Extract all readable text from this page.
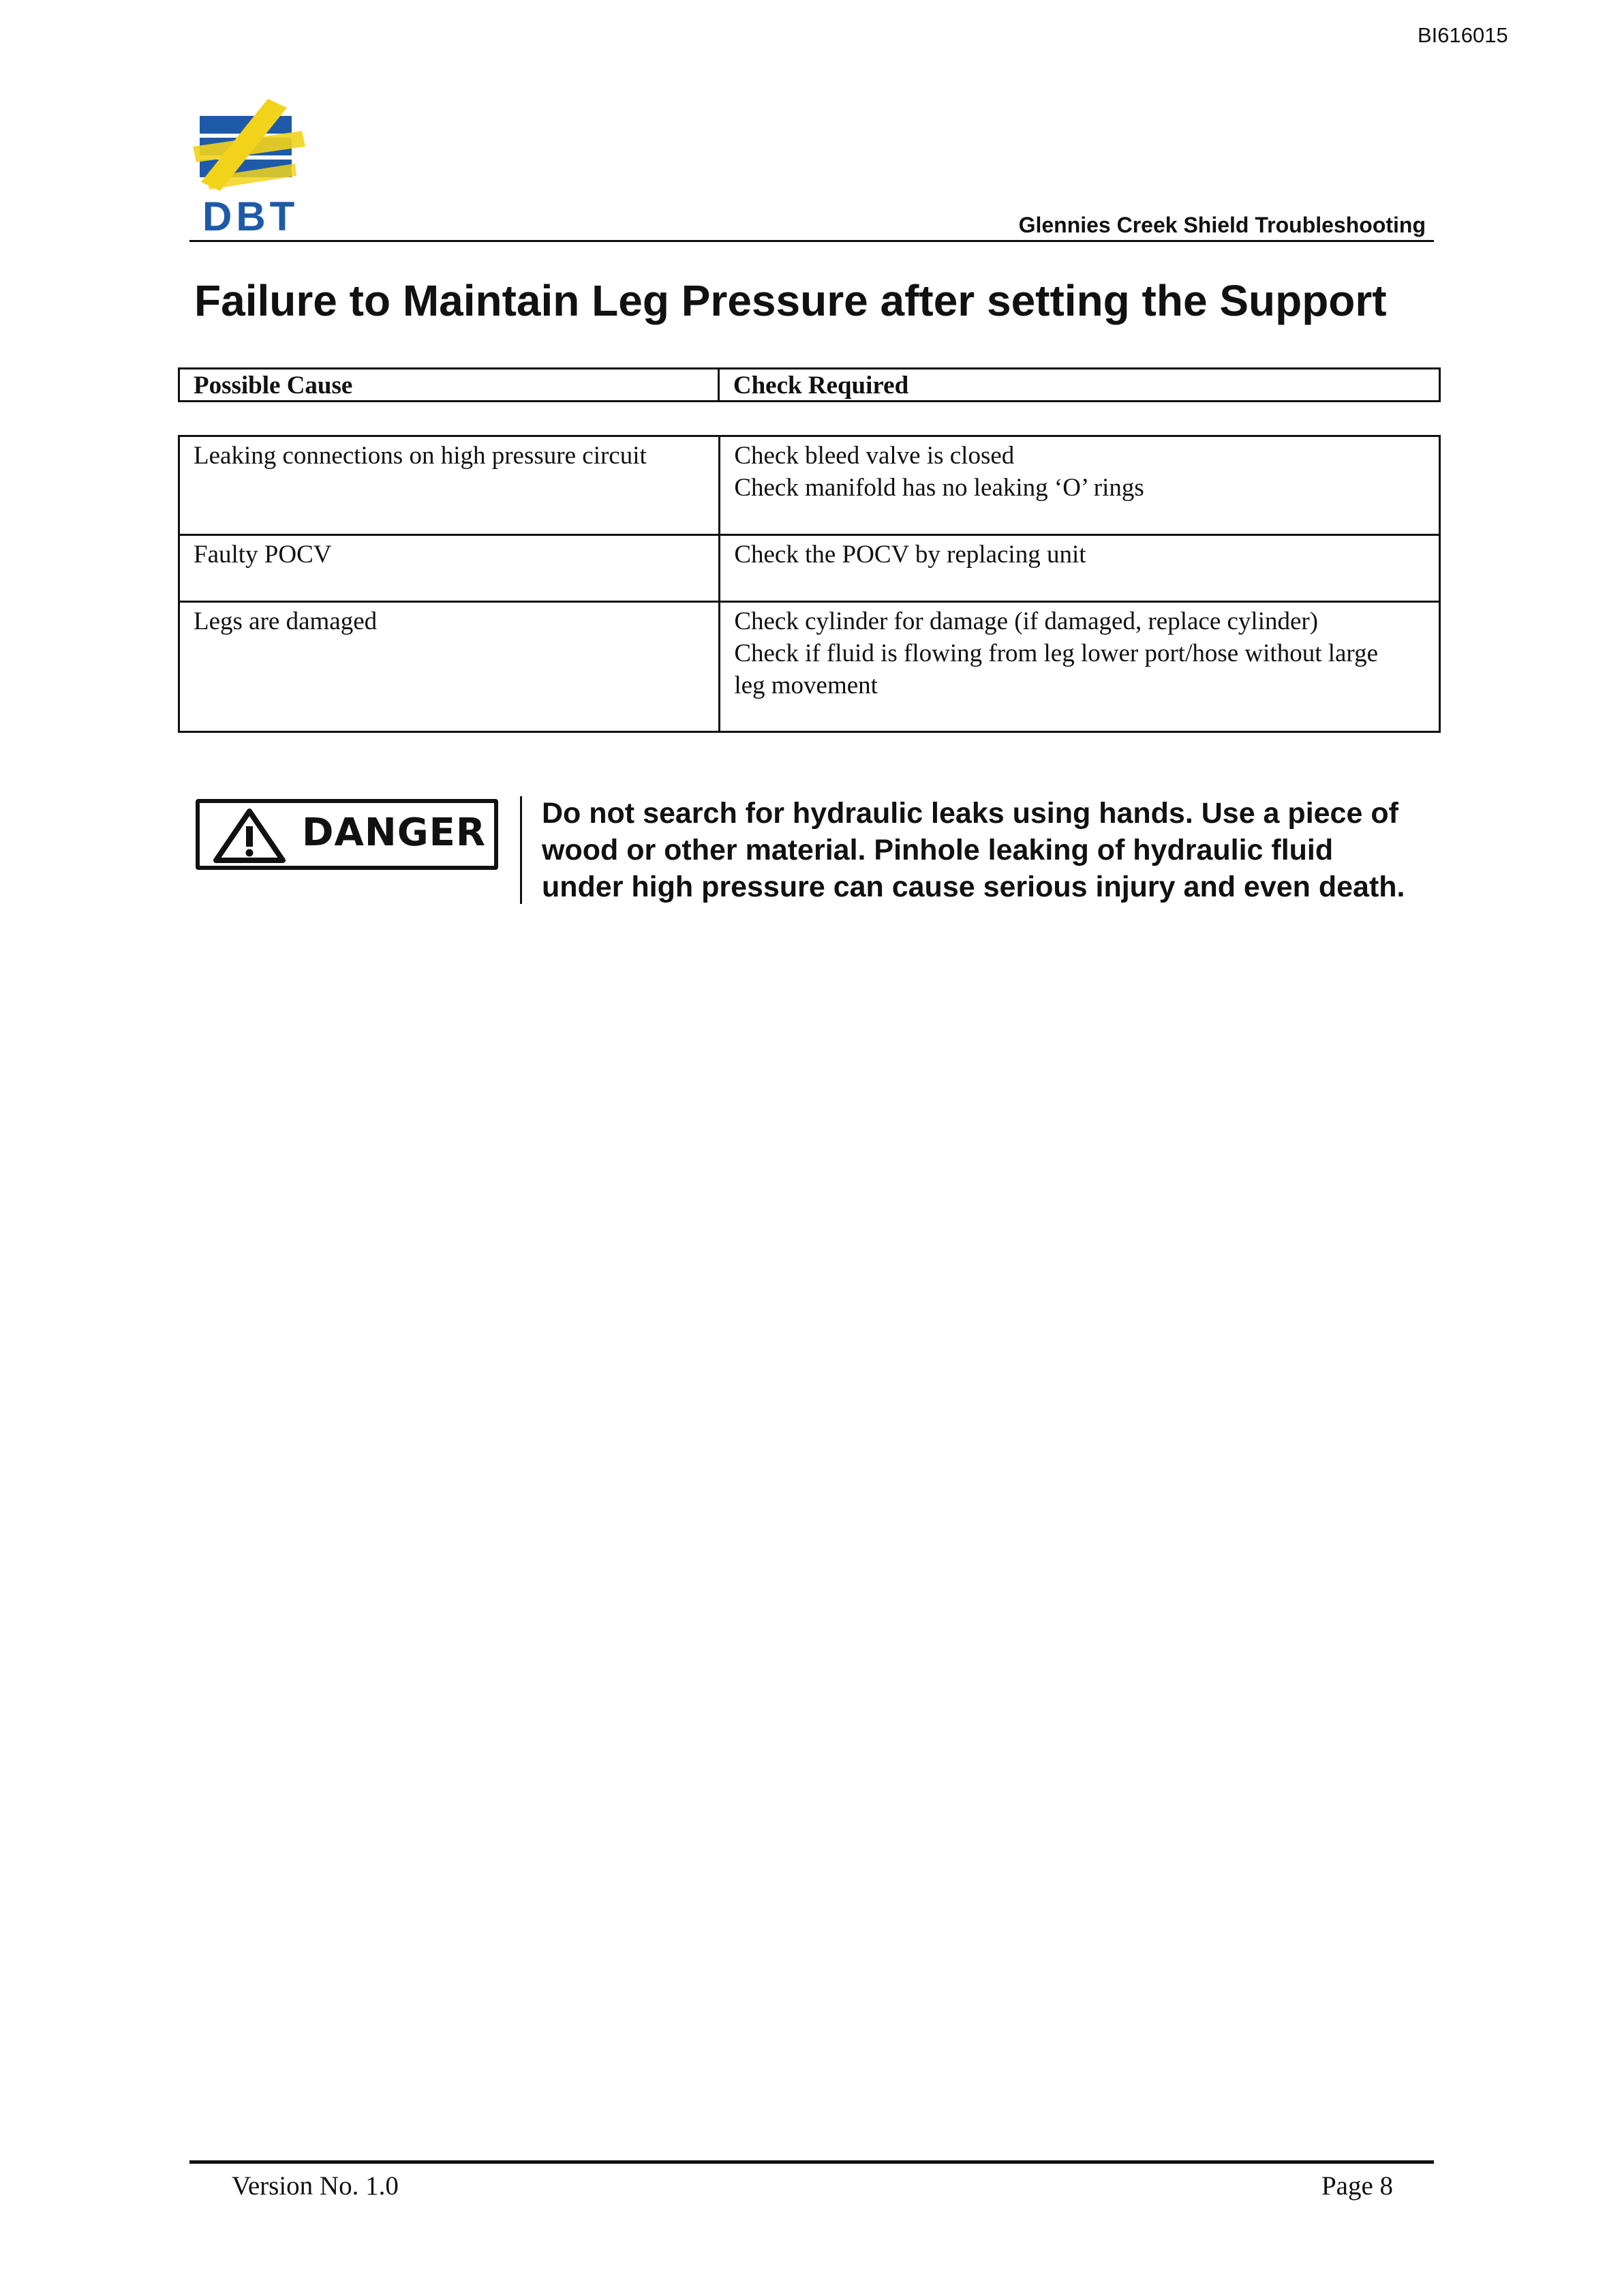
BI616015
DBT	Glennies Creek Shield Troubleshooting
Failure to Maintain Leg Pressure after setting the Support
Possible Cause	Check Required
Leaking connections on high pressure circuit	Check bleed valve is closed
Check manifold has no leaking ‘O’ rings

Faulty POCV	Check the POCV by replacing unit

Legs are damaged	Check cylinder for damage (if damaged, replace cylinder)
Check if fluid is flowing from leg lower port/hose without large
leg movement
DANGER Do not search for hydraulic leaks using hands. Use a piece of
wood or other material. Pinhole leaking of hydraulic fluid
under high pressure can cause serious injury and even death.
Version No. 1.0	Page 8
